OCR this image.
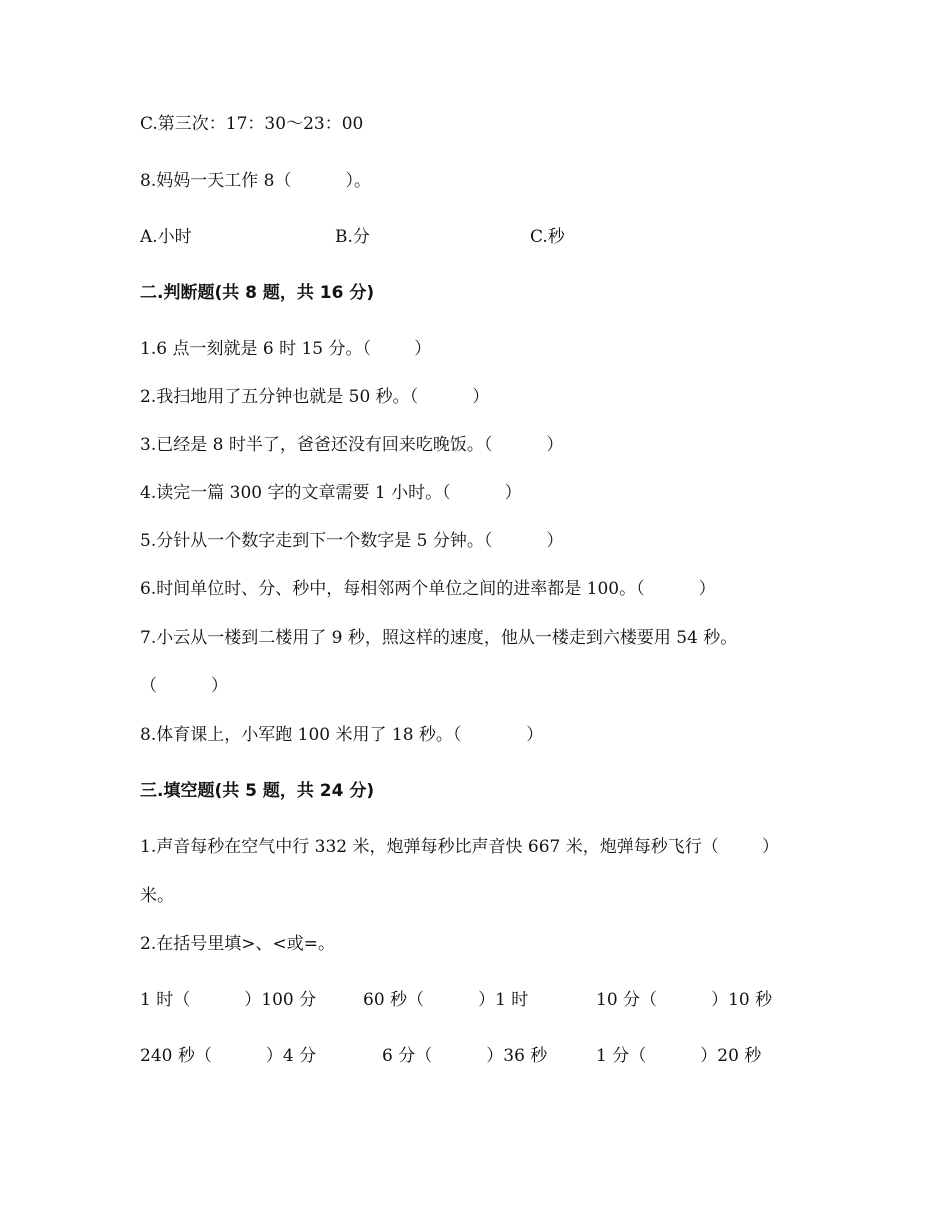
C.第三次：17：30～23：00
8.妈妈一天工作 8（          ）。
A.小时	B.分	C.秒
二.判断题(共 8 题，共 16 分)
1.6 点一刻就是 6 时 15 分。（        ）
2.我扫地用了五分钟也就是 50 秒。（          ）
3.已经是 8 时半了，爸爸还没有回来吃晚饭。（          ）
4.读完一篇 300 字的文章需要 1 小时。（          ）
5.分针从一个数字走到下一个数字是 5 分钟。（          ）
6.时间单位时、分、秒中，每相邻两个单位之间的进率都是 100。（          ）
7.小云从一楼到二楼用了 9 秒，照这样的速度，他从一楼走到六楼要用 54 秒。
（          ）
8.体育课上，小军跑 100 米用了 18 秒。（            ）
三.填空题(共 5 题，共 24 分)
1.声音每秒在空气中行 332 米，炮弹每秒比声音快 667 米，炮弹每秒飞行（        ）
米。
2.在括号里填>、<或=。
1 时（          ）100 分	60 秒（          ）1 时	10 分（          ）10 秒
240 秒（          ）4 分	6 分（          ）36 秒	1 分（          ）20 秒
